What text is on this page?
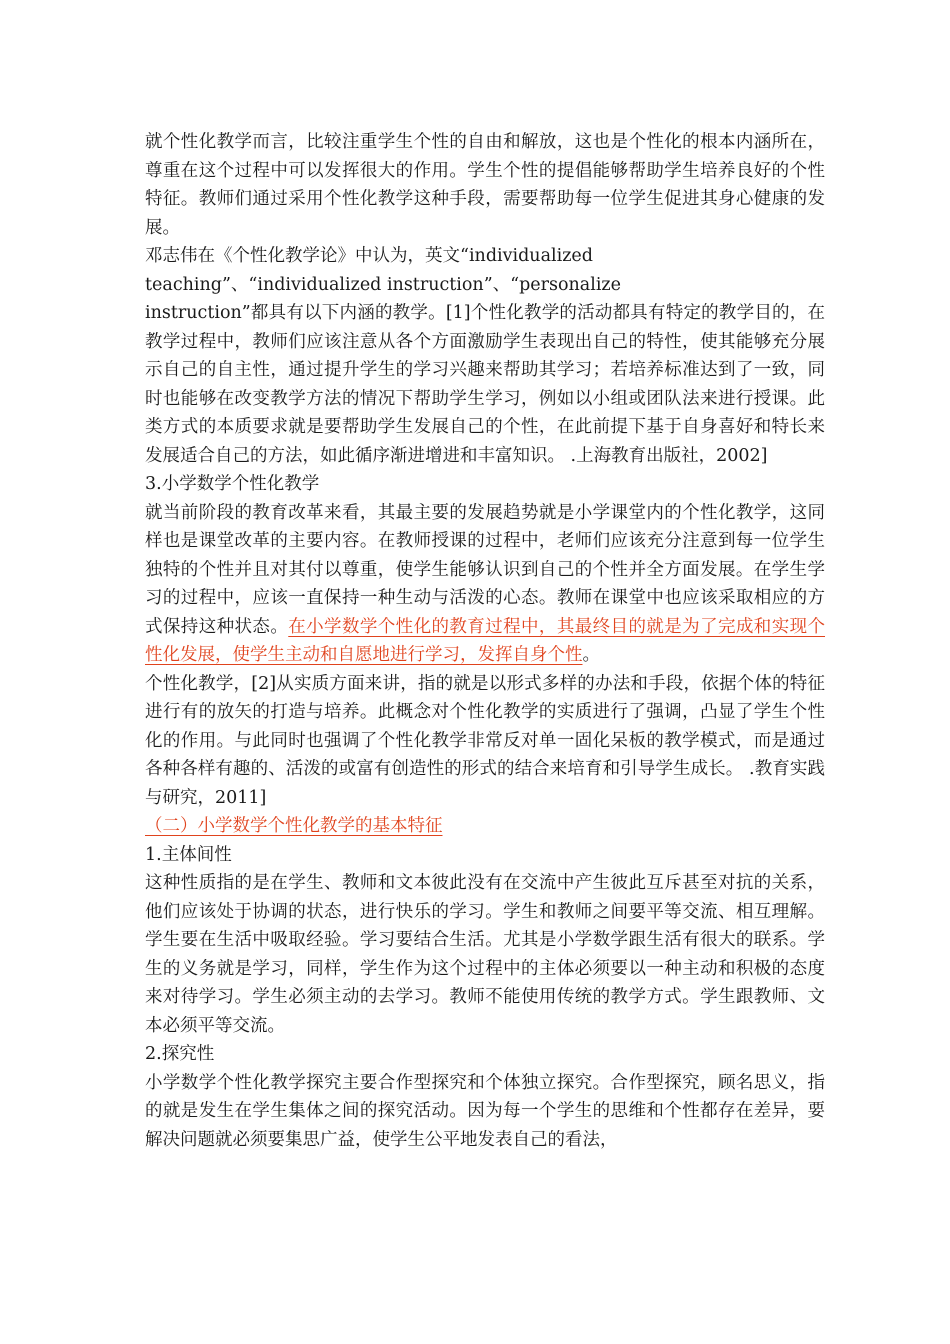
就个性化教学而言，比较注重学生个性的自由和解放，这也是个性化的根本内涵所在，尊重在这个过程中可以发挥很大的作用。学生个性的提倡能够帮助学生培养良好的个性特征。教师们通过采用个性化教学这种手段，需要帮助每一位学生促进其身心健康的发展。

邓志伟在《个性化教学论》中认为，英文“individualized
teaching”、“individualized instruction”、“personalize

instruction”都具有以下内涵的教学。[1]个性化教学的活动都具有特定的教学目的，在教学过程中，教师们应该注意从各个方面激励学生表现出自己的特性，使其能够充分展示自己的自主性，通过提升学生的学习兴趣来帮助其学习；若培养标准达到了一致，同时也能够在改变教学方法的情况下帮助学生学习，例如以小组或团队法来进行授课。此类方式的本质要求就是要帮助学生发展自己的个性，在此前提下基于自身喜好和特长来发展适合自己的方法，如此循序渐进增进和丰富知识。 .上海教育出版社，2002]

3.小学数学个性化教学

就当前阶段的教育改革来看，其最主要的发展趋势就是小学课堂内的个性化教学，这同样也是课堂改革的主要内容。在教师授课的过程中，老师们应该充分注意到每一位学生独特的个性并且对其付以尊重，使学生能够认识到自己的个性并全方面发展。在学生学习的过程中，应该一直保持一种生动与活泼的心态。教师在课堂中也应该采取相应的方式保持这种状态。在小学数学个性化的教育过程中，其最终目的就是为了完成和实现个性化发展，使学生主动和自愿地进行学习，发挥自身个性。

个性化教学，[2]从实质方面来讲，指的就是以形式多样的办法和手段，依据个体的特征进行有的放矢的打造与培养。此概念对个性化教学的实质进行了强调，凸显了学生个性化的作用。与此同时也强调了个性化教学非常反对单一固化呆板的教学模式，而是通过各种各样有趣的、活泼的或富有创造性的形式的结合来培育和引导学生成长。 .教育实践与研究，2011]

（二）小学数学个性化教学的基本特征
1.主体间性

这种性质指的是在学生、教师和文本彼此没有在交流中产生彼此互斥甚至对抗的关系，他们应该处于协调的状态，进行快乐的学习。学生和教师之间要平等交流、相互理解。学生要在生活中吸取经验。学习要结合生活。尤其是小学数学跟生活有很大的联系。学生的义务就是学习，同样，学生作为这个过程中的主体必须要以一种主动和积极的态度来对待学习。学生必须主动的去学习。教师不能使用传统的教学方式。学生跟教师、文本必须平等交流。

2.探究性

小学数学个性化教学探究主要合作型探究和个体独立探究。合作型探究，顾名思义，指的就是发生在学生集体之间的探究活动。因为每一个学生的思维和个性都存在差异，要解决问题就必须要集思广益，使学生公平地发表自己的看法，
